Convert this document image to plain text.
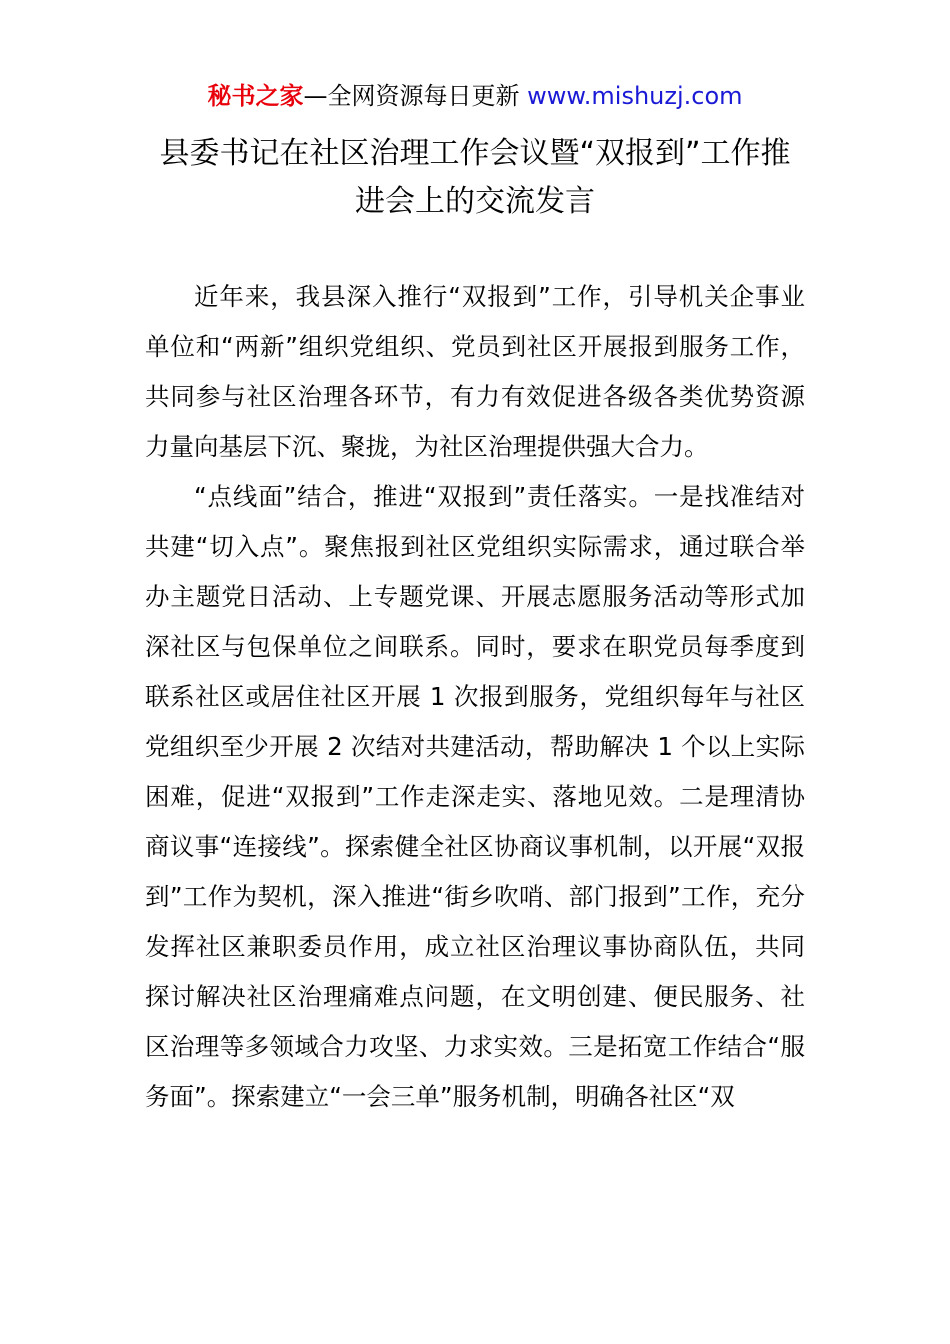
秘书之家—全网资源每日更新 www.mishuzj.com
县委书记在社区治理工作会议暨“双报到”工作推进会上的交流发言

近年来，我县深入推行“双报到”工作，引导机关企事业单位和“两新”组织党组织、党员到社区开展报到服务工作，共同参与社区治理各环节，有力有效促进各级各类优势资源力量向基层下沉、聚拢，为社区治理提供强大合力。

“点线面”结合，推进“双报到”责任落实。一是找准结对共建“切入点”。聚焦报到社区党组织实际需求，通过联合举办主题党日活动、上专题党课、开展志愿服务活动等形式加深社区与包保单位之间联系。同时，要求在职党员每季度到联系社区或居住社区开展 1 次报到服务，党组织每年与社区党组织至少开展 2 次结对共建活动，帮助解决 1 个以上实际困难，促进“双报到”工作走深走实、落地见效。二是理清协商议事“连接线”。探索健全社区协商议事机制，以开展“双报到”工作为契机，深入推进“街乡吹哨、部门报到”工作，充分发挥社区兼职委员作用，成立社区治理议事协商队伍，共同探讨解决社区治理痛难点问题，在文明创建、便民服务、社区治理等多领域合力攻坚、力求实效。三是拓宽工作结合“服务面”。探索建立“一会三单”服务机制，明确各社区“双
